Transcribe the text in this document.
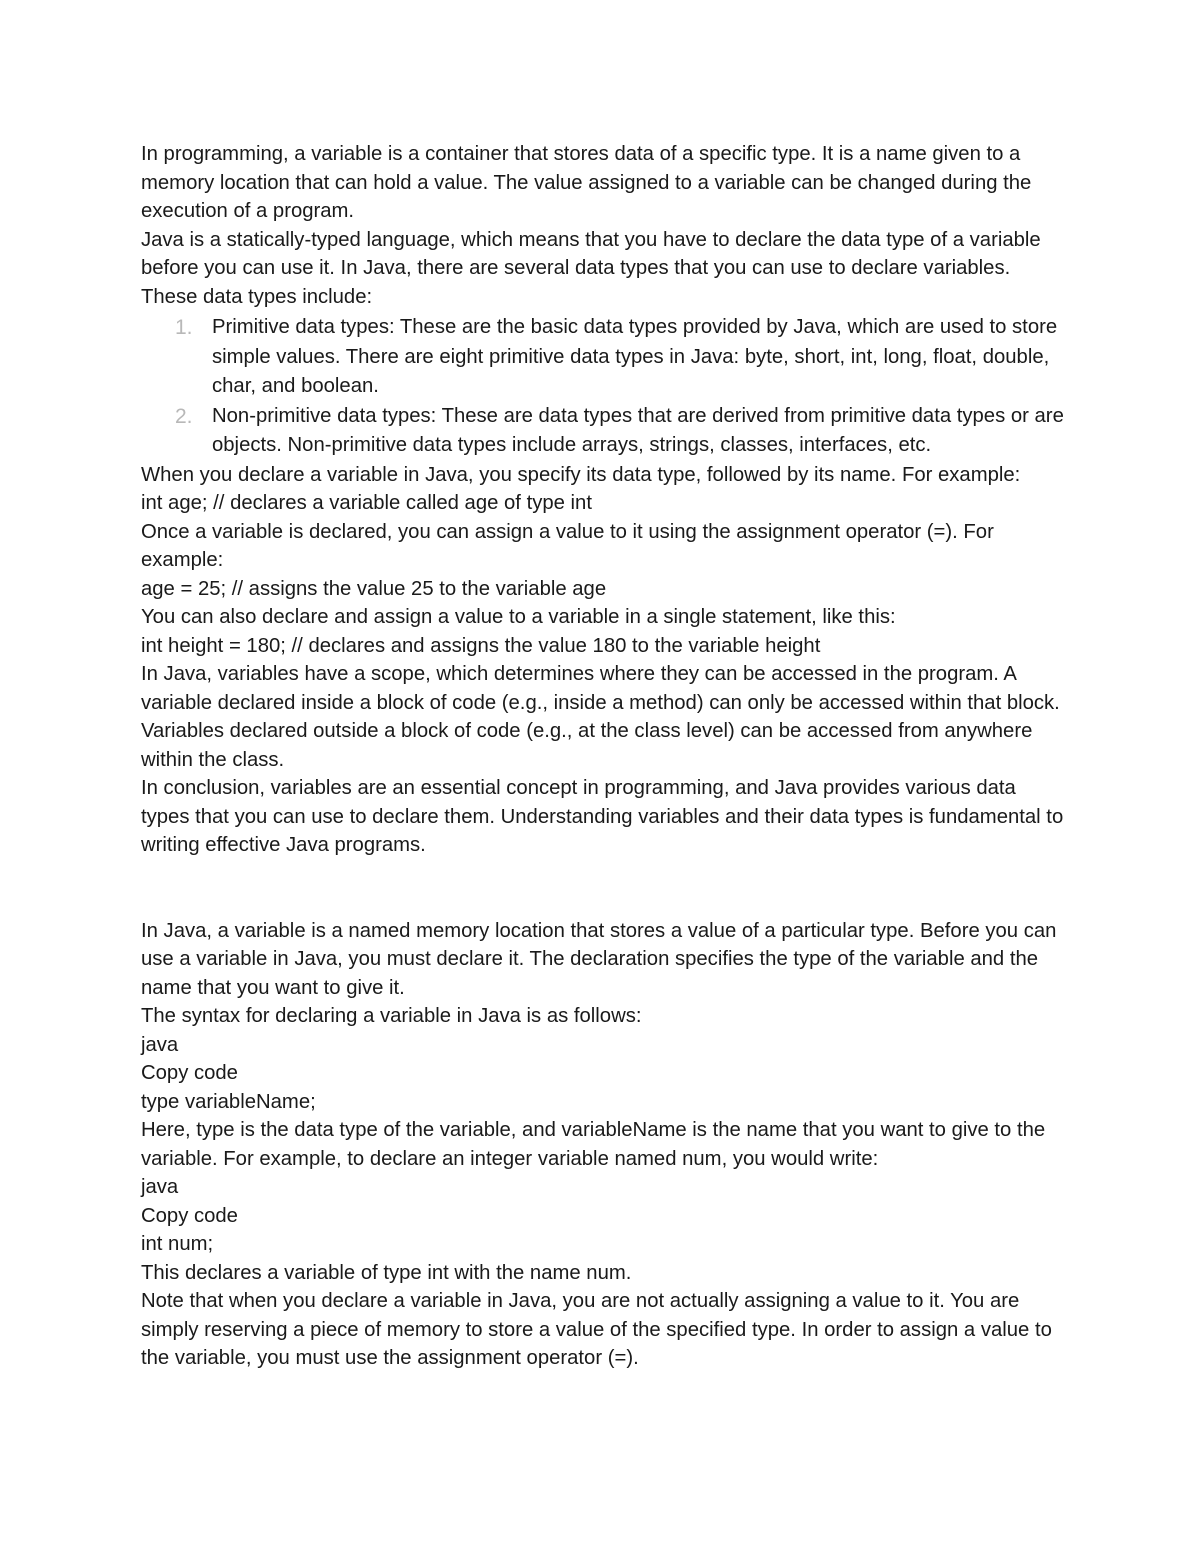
In programming, a variable is a container that stores data of a specific type. It is a name given to a memory location that can hold a value. The value assigned to a variable can be changed during the execution of a program.

Java is a statically-typed language, which means that you have to declare the data type of a variable before you can use it. In Java, there are several data types that you can use to declare variables. These data types include:

1. Primitive data types: These are the basic data types provided by Java, which are used to store simple values. There are eight primitive data types in Java: byte, short, int, long, float, double, char, and boolean.
2. Non-primitive data types: These are data types that are derived from primitive data types or are objects. Non-primitive data types include arrays, strings, classes, interfaces, etc.

When you declare a variable in Java, you specify its data type, followed by its name. For example:

int age; // declares a variable called age of type int

Once a variable is declared, you can assign a value to it using the assignment operator (=). For example:

age = 25; // assigns the value 25 to the variable age

You can also declare and assign a value to a variable in a single statement, like this:

int height = 180; // declares and assigns the value 180 to the variable height

In Java, variables have a scope, which determines where they can be accessed in the program. A variable declared inside a block of code (e.g., inside a method) can only be accessed within that block. Variables declared outside a block of code (e.g., at the class level) can be accessed from anywhere within the class.

In conclusion, variables are an essential concept in programming, and Java provides various data types that you can use to declare them. Understanding variables and their data types is fundamental to writing effective Java programs.

In Java, a variable is a named memory location that stores a value of a particular type. Before you can use a variable in Java, you must declare it. The declaration specifies the type of the variable and the name that you want to give it.

The syntax for declaring a variable in Java is as follows:

java

Copy code

type variableName;

Here, type is the data type of the variable, and variableName is the name that you want to give to the variable. For example, to declare an integer variable named num, you would write:

java

Copy code

int num;

This declares a variable of type int with the name num.

Note that when you declare a variable in Java, you are not actually assigning a value to it. You are simply reserving a piece of memory to store a value of the specified type. In order to assign a value to the variable, you must use the assignment operator (=).
